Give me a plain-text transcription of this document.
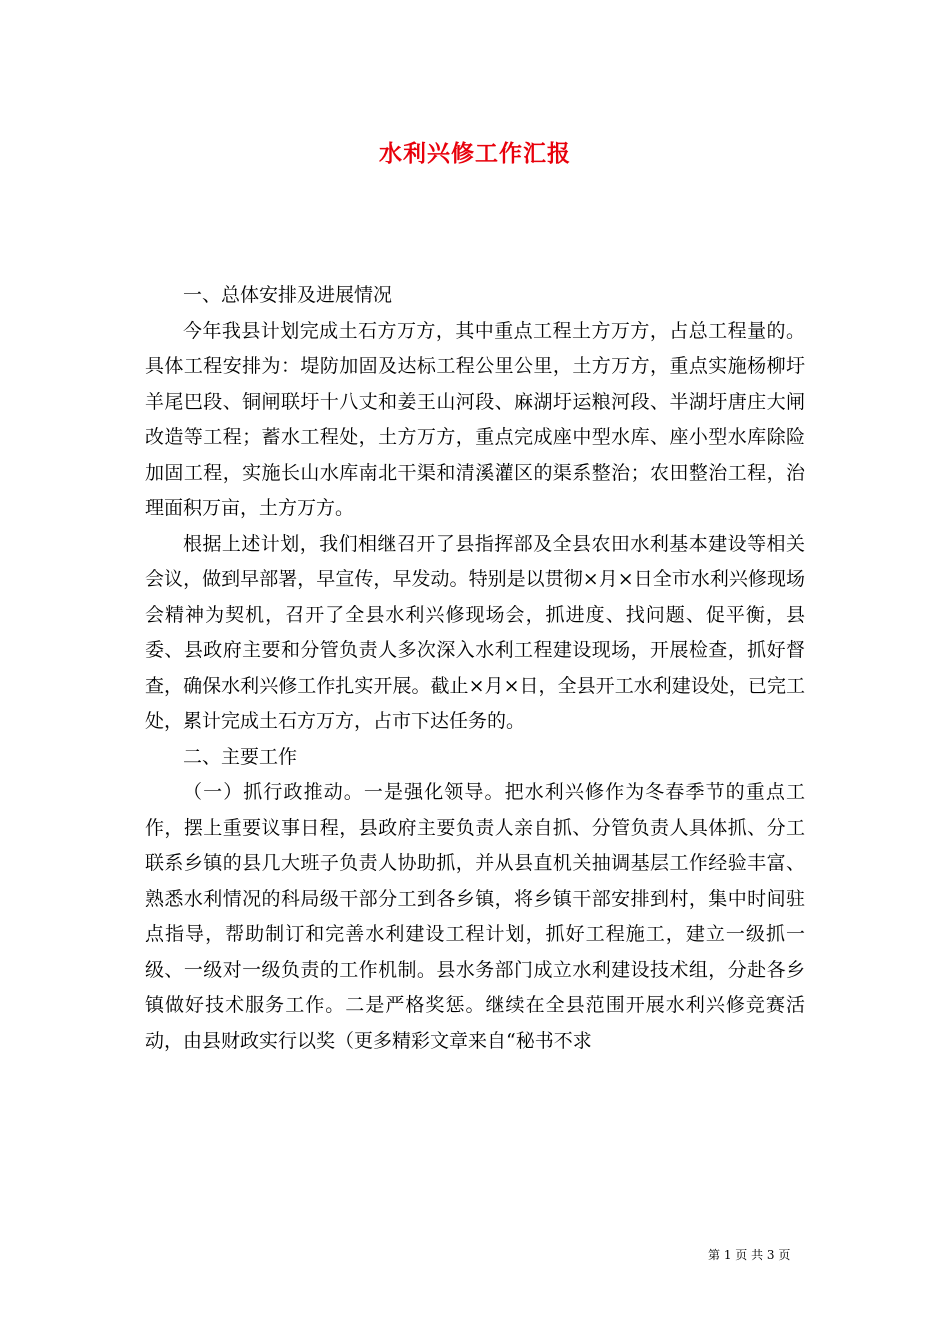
水利兴修工作汇报

一、总体安排及进展情况

今年我县计划完成土石方万方，其中重点工程土方万方，占总工程量的。具体工程安排为：堤防加固及达标工程公里公里，土方万方，重点实施杨柳圩羊尾巴段、铜闸联圩十八丈和姜王山河段、麻湖圩运粮河段、半湖圩唐庄大闸改造等工程；蓄水工程处，土方万方，重点完成座中型水库、座小型水库除险加固工程，实施长山水库南北干渠和清溪灌区的渠系整治；农田整治工程，治理面积万亩，土方万方。

根据上述计划，我们相继召开了县指挥部及全县农田水利基本建设等相关会议，做到早部署，早宣传，早发动。特别是以贯彻×月×日全市水利兴修现场会精神为契机，召开了全县水利兴修现场会，抓进度、找问题、促平衡，县委、县政府主要和分管负责人多次深入水利工程建设现场，开展检查，抓好督查，确保水利兴修工作扎实开展。截止×月×日，全县开工水利建设处，已完工处，累计完成土石方万方，占市下达任务的。

二、主要工作

（一）抓行政推动。一是强化领导。把水利兴修作为冬春季节的重点工作，摆上重要议事日程，县政府主要负责人亲自抓、分管负责人具体抓、分工联系乡镇的县几大班子负责人协助抓，并从县直机关抽调基层工作经验丰富、熟悉水利情况的科局级干部分工到各乡镇，将乡镇干部安排到村，集中时间驻点指导，帮助制订和完善水利建设工程计划，抓好工程施工，建立一级抓一级、一级对一级负责的工作机制。县水务部门成立水利建设技术组，分赴各乡镇做好技术服务工作。二是严格奖惩。继续在全县范围开展水利兴修竞赛活动，由县财政实行以奖（更多精彩文章来自“秘书不求

第 1 页 共 3 页
